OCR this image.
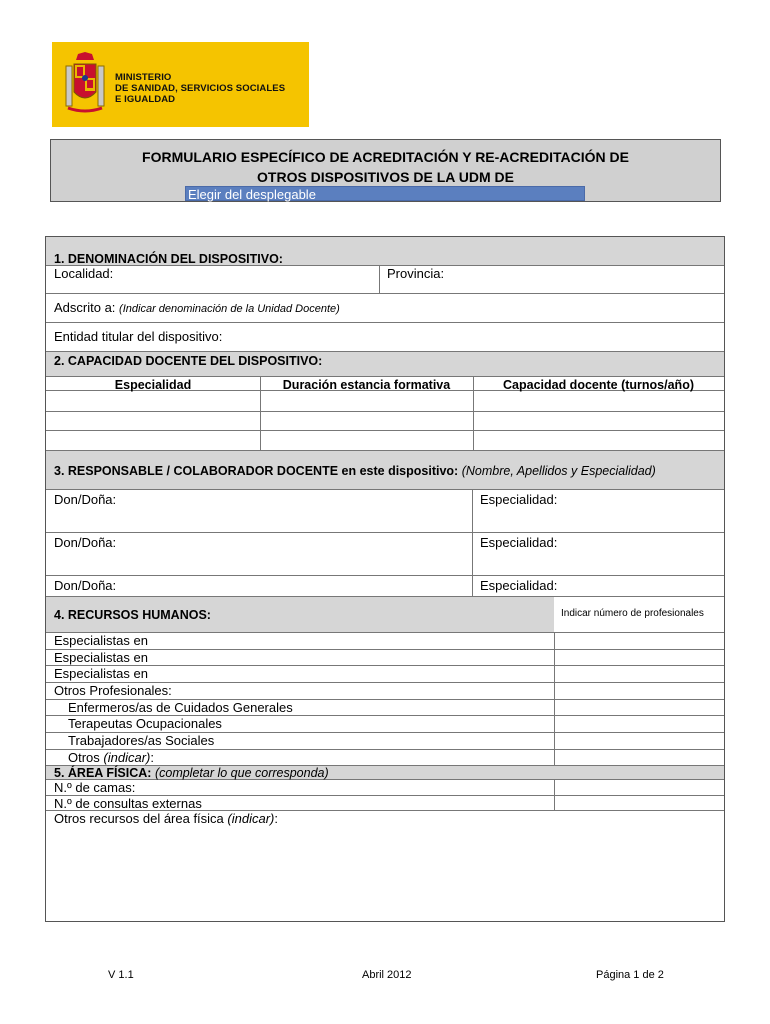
MINISTERIO
DE SANIDAD, SERVICIOS SOCIALES
E IGUALDAD
FORMULARIO ESPECÍFICO DE ACREDITACIÓN Y RE-ACREDITACIÓN DE
OTROS DISPOSITIVOS DE LA UDM DE
Elegir del desplegable
1. DENOMINACIÓN DEL DISPOSITIVO:
Localidad:	Provincia:
Adscrito a: (Indicar denominación de la Unidad Docente)
Entidad titular del dispositivo:
2. CAPACIDAD DOCENTE DEL DISPOSITIVO:
Especialidad	Duración estancia formativa	Capacidad docente (turnos/año)
3. RESPONSABLE / COLABORADOR DOCENTE en este dispositivo: (Nombre, Apellidos y Especialidad)
Don/Doña:	Especialidad:
Don/Doña:	Especialidad:
Don/Doña:	Especialidad:
4. RECURSOS HUMANOS:	Indicar número de profesionales
Especialistas en
Especialistas en
Especialistas en
Otros Profesionales:
Enfermeros/as de Cuidados Generales
Terapeutas Ocupacionales
Trabajadores/as Sociales
Otros (indicar):
5. ÁREA FÍSICA: (completar lo que corresponda)
N.º de camas:
N.º de consultas externas
Otros recursos del área física (indicar):
V 1.1	Abril 2012	Página 1 de 2
